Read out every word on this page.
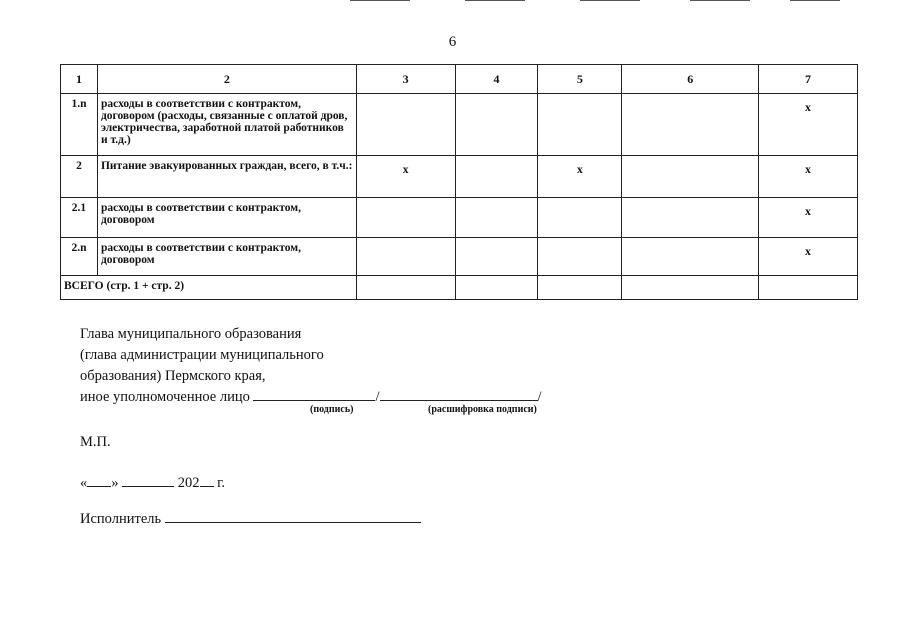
6
1	2	3	4	5	6	7
1.n	расходы в соответствии с контрактом, договором (расходы, связанные с оплатой дров, электричества, заработной платой работников и т.д.)					x
2	Питание эвакуированных граждан, всего, в т.ч.:	x		x		x
2.1	расходы в соответствии с контрактом, договором					x
2.n	расходы в соответствии с контрактом, договором					x
ВСЕГО (стр. 1 + стр. 2)						
Глава муниципального образования
(глава администрации муниципального
образования) Пермского края,
иное уполномоченное лицо	/	/
(подпись)	(расшифровка подписи)
М.П.
« »	202 г.
Исполнитель
